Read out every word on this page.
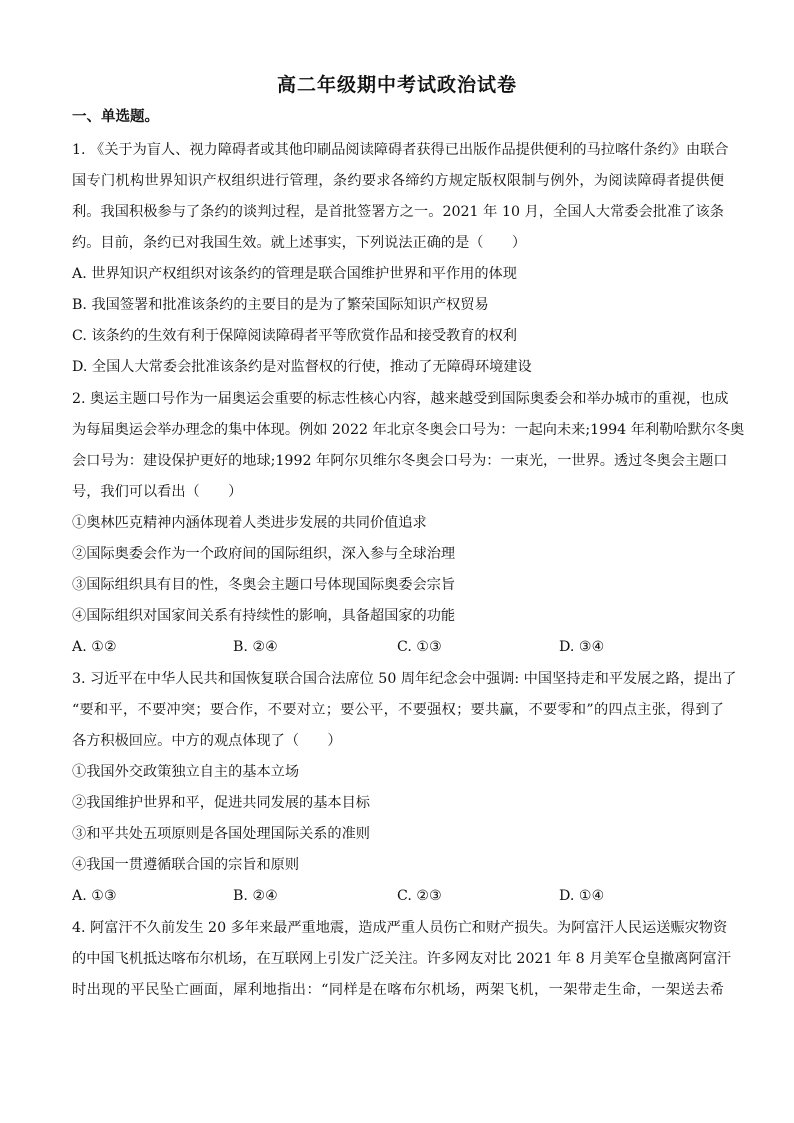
高二年级期中考试政治试卷
一、单选题。
1. 《关于为盲人、视力障碍者或其他印刷品阅读障碍者获得已出版作品提供便利的马拉喀什条约》由联合
国专门机构世界知识产权组织进行管理，条约要求各缔约方规定版权限制与例外，为阅读障碍者提供便
利。我国积极参与了条约的谈判过程，是首批签署方之一。2021 年 10 月，全国人大常委会批准了该条
约。目前，条约已对我国生效。就上述事实，下列说法正确的是（　　）
A. 世界知识产权组织对该条约的管理是联合国维护世界和平作用的体现
B. 我国签署和批准该条约的主要目的是为了繁荣国际知识产权贸易
C. 该条约的生效有利于保障阅读障碍者平等欣赏作品和接受教育的权利
D. 全国人大常委会批准该条约是对监督权的行使，推动了无障碍环境建设
2. 奥运主题口号作为一届奥运会重要的标志性核心内容，越来越受到国际奥委会和举办城市的重视，也成
为每届奥运会举办理念的集中体现。例如 2022 年北京冬奥会口号为：一起向未来;1994 年利勒哈默尔冬奥
会口号为：建设保护更好的地球;1992 年阿尔贝维尔冬奥会口号为：一束光，一世界。透过冬奥会主题口
号，我们可以看出（　　）
①奥林匹克精神内涵体现着人类进步发展的共同价值追求
②国际奥委会作为一个政府间的国际组织，深入参与全球治理
③国际组织具有目的性，冬奥会主题口号体现国际奥委会宗旨
④国际组织对国家间关系有持续性的影响，具备超国家的功能
A. ①②	B. ②④	C. ①③	D. ③④
3. 习近平在中华人民共和国恢复联合国合法席位 50 周年纪念会中强调: 中国坚持走和平发展之路，提出了
“要和平，不要冲突；要合作，不要对立；要公平，不要强权；要共赢，不要零和”的四点主张，得到了
各方积极回应。中方的观点体现了（　　）
①我国外交政策独立自主的基本立场
②我国维护世界和平，促进共同发展的基本目标
③和平共处五项原则是各国处理国际关系的准则
④我国一贯遵循联合国的宗旨和原则
A. ①③	B. ②④	C. ②③	D. ①④
4. 阿富汗不久前发生 20 多年来最严重地震，造成严重人员伤亡和财产损失。为阿富汗人民运送赈灾物资
的中国飞机抵达喀布尔机场，在互联网上引发广泛关注。许多网友对比 2021 年 8 月美军仓皇撤离阿富汗
时出现的平民坠亡画面，犀利地指出：“同样是在喀布尔机场，两架飞机，一架带走生命，一架送去希
